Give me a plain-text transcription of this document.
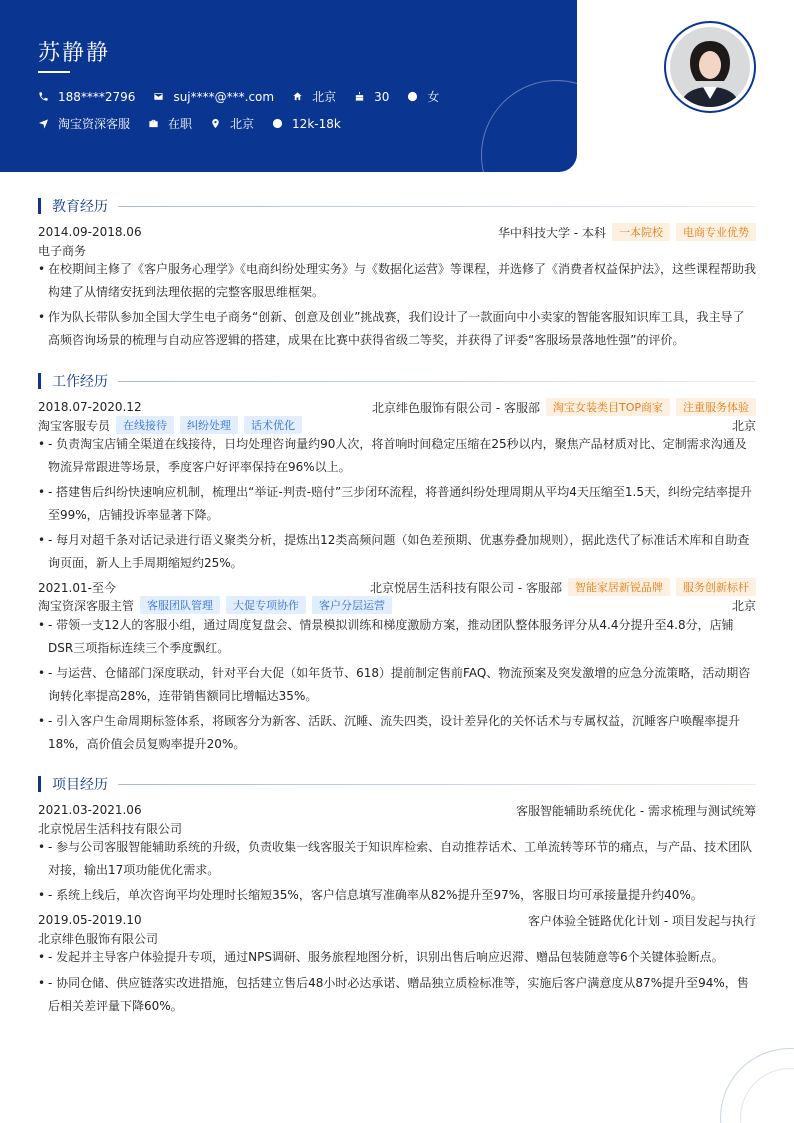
苏静静
188****2796	suj****@***.com	北京	30	女
淘宝资深客服	在职	北京	12k-18k
教育经历
2014.09-2018.06	华中科技大学 - 本科	一本院校	电商专业优势
电子商务
• 在校期间主修了《客户服务心理学》《电商纠纷处理实务》与《数据化运营》等课程，并选修了《消费者权益保护法》，这些课程帮助我构建了从情绪安抚到法理依据的完整客服思维框架。
• 作为队长带队参加全国大学生电子商务“创新、创意及创业”挑战赛，我们设计了一款面向中小卖家的智能客服知识库工具，我主导了高频咨询场景的梳理与自动应答逻辑的搭建，成果在比赛中获得省级二等奖，并获得了评委“客服场景落地性强”的评价。
工作经历
2018.07-2020.12	北京绯色服饰有限公司 - 客服部	淘宝女装类目TOP商家	注重服务体验
淘宝客服专员	在线接待	纠纷处理	话术优化	北京
• - 负责淘宝店铺全渠道在线接待，日均处理咨询量约90人次，将首响时间稳定压缩在25秒以内，聚焦产品材质对比、定制需求沟通及物流异常跟进等场景，季度客户好评率保持在96%以上。
• - 搭建售后纠纷快速响应机制，梳理出“举证-判责-赔付”三步闭环流程，将普通纠纷处理周期从平均4天压缩至1.5天，纠纷完结率提升至99%，店铺投诉率显著下降。
• - 每月对超千条对话记录进行语义聚类分析，提炼出12类高频问题（如色差预期、优惠券叠加规则），据此迭代了标准话术库和自助查询页面，新人上手周期缩短约25%。
2021.01-至今	北京悦居生活科技有限公司 - 客服部	智能家居新锐品牌	服务创新标杆
淘宝资深客服主管	客服团队管理	大促专项协作	客户分层运营	北京
• - 带领一支12人的客服小组，通过周度复盘会、情景模拟训练和梯度激励方案，推动团队整体服务评分从4.4分提升至4.8分，店铺DSR三项指标连续三个季度飘红。
• - 与运营、仓储部门深度联动，针对平台大促（如年货节、618）提前制定售前FAQ、物流预案及突发激增的应急分流策略，活动期咨询转化率提高28%，连带销售额同比增幅达35%。
• - 引入客户生命周期标签体系，将顾客分为新客、活跃、沉睡、流失四类，设计差异化的关怀话术与专属权益，沉睡客户唤醒率提升18%，高价值会员复购率提升20%。
项目经历
2021.03-2021.06	客服智能辅助系统优化 - 需求梳理与测试统筹
北京悦居生活科技有限公司
• - 参与公司客服智能辅助系统的升级，负责收集一线客服关于知识库检索、自动推荐话术、工单流转等环节的痛点，与产品、技术团队对接，输出17项功能优化需求。
• - 系统上线后，单次咨询平均处理时长缩短35%，客户信息填写准确率从82%提升至97%，客服日均可承接量提升约40%。
2019.05-2019.10	客户体验全链路优化计划 - 项目发起与执行
北京绯色服饰有限公司
• - 发起并主导客户体验提升专项，通过NPS调研、服务旅程地图分析，识别出售后响应迟滞、赠品包装随意等6个关键体验断点。
• - 协同仓储、供应链落实改进措施，包括建立售后48小时必达承诺、赠品独立质检标准等，实施后客户满意度从87%提升至94%，售后相关差评量下降60%。
